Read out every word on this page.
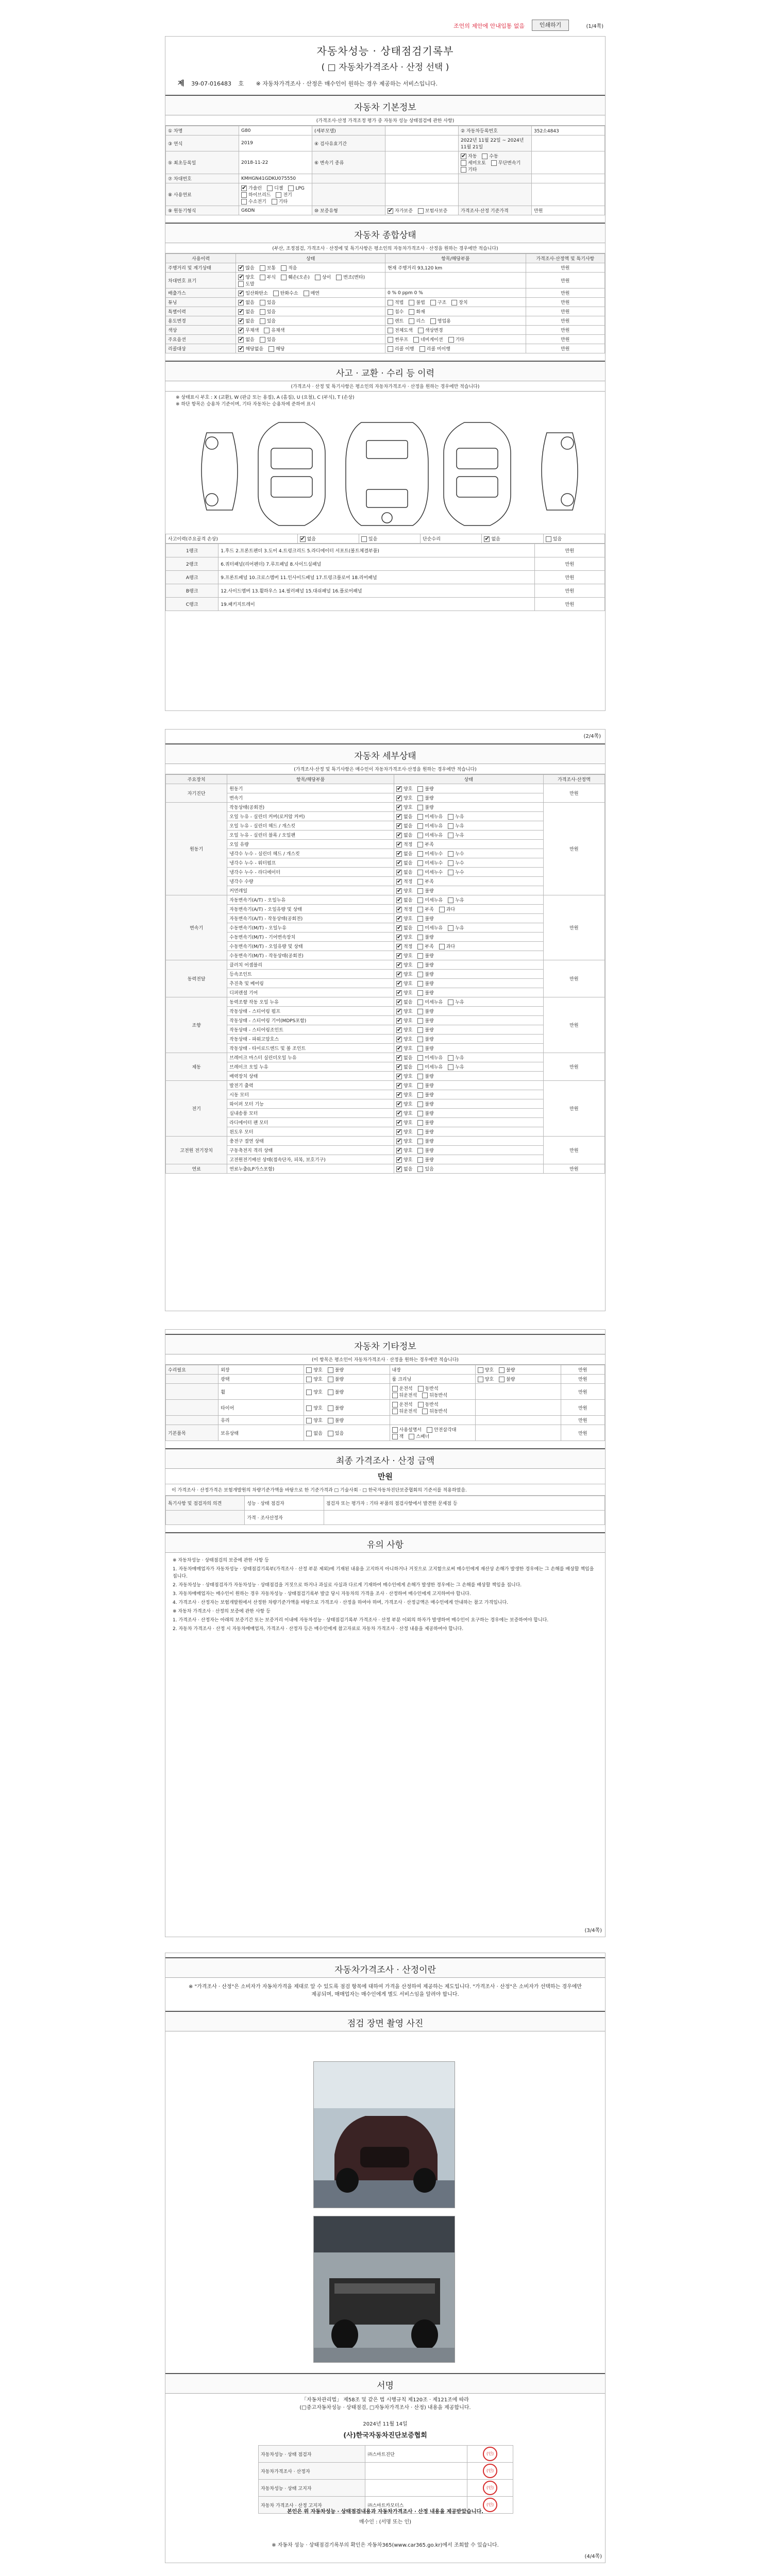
조언의 제안에 안내입통 없음	인쇄하기	(1/4쪽)
자동차성능 · 상태점검기록부
( □ 자동차가격조사 · 산정 선택 )
제 39-07-016483 호 ※ 자동차가격조사 · 산정은 매수인이 원하는 경우 제공하는 서비스입니다.
자동차 기본정보
(가격조사·산정 가격조정 평가 중 자동차 성능 상태점검에 관한 사항)
① 차명	G80	(세부모델)		② 자동차등록번호	352소4843
③ 연식	2019	④ 검사유효기간		2022년 11월 22일 ~ 2024년 11월 21일	
⑤ 최초등록일	2018-11-22	⑥ 변속기 종류		✔자동 수동세미오토 무단변속기기타	
⑦ 차대번호	KMHGN41GDKU075550				
⑧ 사용연료	✔가솔린 디젤 LPG하이브리드 전기수소전기 기타				
⑨ 원동기형식	G6DN	⑩ 보증유형	✔자가보증 보험사보증	가격조사·산정 기준가격	만원
자동차 종합상태
(부산, 조정점검, 가격조사 · 산정에 및 특기사항은 평소인의 자동차가격조사 · 산정을 원하는 경우에만 적습니다)
사용이력	상태	항목/해당부품	가격조사·산정액 및 특기사항
주행거리 및 계기상태	✔많음 보통 적음	현재 주행거리 93,120 km	만원
차대번호 표기	✔양호 부식 훼손(오손) 상이 변조(변타)도말		만원
배출가스	✔일산화탄소 탄화수소 매연	0 % 0 ppm 0 %	만원
튜닝	✔없음 있음	적법 불법 구조 장치	만원
특별이력	✔없음 있음	침수 화재	만원
용도변경	✔없음 있음	렌트 리스 영업용	만원
색상	✔무채색 유채색	전체도색 색상변경	만원
주요옵션	✔없음 있음	썬루프 네비게이션 기타	만원
리콜대상	✔해당없음 해당	리콜 이행 리콜 미이행	만원
사고 · 교환 · 수리 등 이력
(가격조사 · 산정 및 특기사항은 평소인의 자동차가격조사 · 산정을 원하는 경우에만 적습니다)
※ 상태표시 부호 : X (교환), W (판금 또는 용접), A (흠집), U (요철), C (부식), T (손상)
※ 하단 항목은 승용차 기준이며, 기타 자동차는 승용차에 준하여 표시
사고이력(주요골격 손상)	✔없음	있음	단순수리	✔없음	있음
1랭크	1.후드 2.프론트펜더 3.도어 4.트렁크리드 5.라디에이터 서포트(볼트체결부품)	만원
2랭크	6.쿼터패널(리어펜더) 7.루프패널 8.사이드실패널	만원
A랭크	9.프론트패널 10.크로스멤버 11.인사이드패널 17.트렁크플로어 18.리어패널	만원
B랭크	12.사이드멤버 13.휠하우스 14.필러패널 15.대쉬패널 16.플로어패널	만원
C랭크	19.패키지트레이	만원
(2/4쪽)
자동차 세부상태
(가격조사·산정 및 특기사항은 매수인이 자동차가격조사·산정을 원하는 경우에만 적습니다)
주요장치	항목/해당부품	상태	가격조사·산정액
자기진단	원동기	✔양호 불량	만원
	변속기	✔양호 불량
원동기	작동상태(공회전)	✔양호 불량	만원
	오일 누유 - 실린더 커버(로커암 커버)	✔없음 미세누유 누유
	오일 누유 - 실린더 헤드 / 개스킷	✔없음 미세누유 누유
	오일 누유 - 실린더 블록 / 오일팬	✔없음 미세누유 누유
	오일 유량	✔적정 부족
	냉각수 누수 - 실린더 헤드 / 개스킷	✔없음 미세누수 누수
	냉각수 누수 - 워터펌프	✔없음 미세누수 누수
	냉각수 누수 - 라디에이터	✔없음 미세누수 누수
	냉각수 수량	✔적정 부족
	커먼레일	✔양호 불량
변속기	자동변속기(A/T) - 오일누유	✔없음 미세누유 누유	만원
	자동변속기(A/T) - 오일유량 및 상태	✔적정 부족 과다
	자동변속기(A/T) - 작동상태(공회전)	✔양호 불량
	수동변속기(M/T) - 오일누유	✔없음 미세누유 누유
	수동변속기(M/T) - 기어변속장치	✔양호 불량
	수동변속기(M/T) - 오일유량 및 상태	✔적정 부족 과다
	수동변속기(M/T) - 작동상태(공회전)	✔양호 불량
동력전달	클러치 어셈블리	✔양호 불량	만원
	등속조인트	✔양호 불량
	추진축 및 베어링	✔양호 불량
	디퍼렌셜 기어	✔양호 불량
조향	동력조향 작동 오일 누유	✔없음 미세누유 누유	만원
	작동상태 - 스티어링 펌프	✔양호 불량
	작동상태 - 스티어링 기어(MDPS포함)	✔양호 불량
	작동상태 - 스티어링조인트	✔양호 불량
	작동상태 - 파워고압호스	✔양호 불량
	작동상태 - 타이로드엔드 및 볼 조인트	✔양호 불량
제동	브레이크 마스터 실린더오일 누유	✔없음 미세누유 누유	만원
	브레이크 오일 누유	✔없음 미세누유 누유
	배력장치 상태	✔양호 불량
전기	발전기 출력	✔양호 불량	만원
	시동 모터	✔양호 불량
	와이퍼 모터 기능	✔양호 불량
	실내송풍 모터	✔양호 불량
	라디에이터 팬 모터	✔양호 불량
	윈도우 모터	✔양호 불량
고전원 전기장치	충전구 절연 상태	✔양호 불량	만원
	구동축전지 격리 상태	✔양호 불량
	고전원전기배선 상태(접속단자, 피복, 보호기구)	✔양호 불량
연료	연료누출(LP가스포함)	✔없음 있음	만원
자동차 기타정보
(이 항목은 평소인이 자동차가격조사 · 산정을 원하는 경우에만 적습니다)
수리필요	외장	양호 불량	내장	양호 불량	만원
	광택	양호 불량	룸 크리닝	양호 불량	만원
	휠	양호 불량	운전석 동반석뒤운전석 뒤동반석		만원
	타이어	양호 불량	운전석 동반석뒤운전석 뒤동반석		만원
	유리	양호 불량			만원
기본품목	보유상태	없음 있음	사용설명서 안전삼각대잭 스패너		만원
최종 가격조사 · 산정 금액
만원
이 가격조사 · 산정가격은 보험개발원의 차량기준가액을 바탕으로 한 기준가격과 □ 기술사회 · □ 한국자동차진단보증협회의 기준서를 적용하였음.
특기사항 및 점검자의 의견	성능 · 상태 점검자	점검자 또는 평가자 : 기타 부품의 점검사항에서 발견한 문제점 등
	가격 · 조사산정자	
유의 사항

※ 자동차성능 · 상태점검의 보증에 관한 사항 등

1. 자동차매매업자가 자동차성능 · 상태점검기록부(가격조사 · 산정 부분 제외)에 기재된 내용을 고지하지 아니하거나 거짓으로 고지함으로써 매수인에게 재산상 손해가 발생한 경우에는 그 손해를 배상할 책임을 집니다.

2. 자동차성능 · 상태점검자가 자동차성능 · 상태점검을 거짓으로 하거나 과실로 사실과 다르게 기재하여 매수인에게 손해가 발생한 경우에는 그 손해를 배상할 책임을 집니다.

3. 자동차매매업자는 매수인이 원하는 경우 자동차성능 · 상태점검기록부 발급 당시 자동차의 가격을 조사 · 산정하여 매수인에게 고지하여야 합니다.

4. 가격조사 · 산정자는 보험개발원에서 산정한 차량기준가액을 바탕으로 가격조사 · 산정을 하여야 하며, 가격조사 · 산정금액은 매수인에게 안내하는 참고 가격입니다.

※ 자동차 가격조사 · 산정의 보증에 관한 사항 등

1. 가격조사 · 산정자는 아래의 보증기간 또는 보증거리 이내에 자동차성능 · 상태점검기록부 가격조사 · 산정 부분 이외의 하자가 발생하여 매수인이 요구하는 경우에는 보증하여야 합니다.

2. 자동차 가격조사 · 산정 시 자동차매매업자, 가격조사 · 산정자 등은 매수인에게 참고자료로 자동차 가격조사 · 산정 내용을 제공하여야 합니다.

(3/4쪽)
자동차가격조사 · 산정이란
※ "가격조사 · 산정"은 소비자가 자동차가격을 제대로 알 수 있도록 점검 항목에 대하여 가격을 산정하여 제공하는 제도입니다. "가격조사 · 산정"은 소비자가 선택하는 경우에만 제공되며, 매매업자는 매수인에게 별도 서비스임을 알려야 합니다.
점검 장면 촬영 사진
서명
「자동차관리법」 제58조 및 같은 법 시행규칙 제120조 · 제121조에 따라
(□중고자동차성능 · 상태점검, □자동차가격조사 · 산정) 내용을 제공합니다.
2024년 11월 14일
(사)한국자동차진단보증협회
자동차성능 · 상태 점검자	㈜스마트진단	(인)
자동차가격조사 · 산정자		(인)
자동차성능 · 상태 고지자		(인)
자동차 가격조사 · 산정 고지자	㈜스마트카모터스	(인)
본인은 위 자동차성능 · 상태점검내용과 자동차가격조사 · 산정 내용을 제공받았습니다.
매수인 : (서명 또는 인)
※ 자동차 성능 · 상태점검기록부의 확인은 자동차365(www.car365.go.kr)에서 조회할 수 있습니다.
(4/4쪽)
